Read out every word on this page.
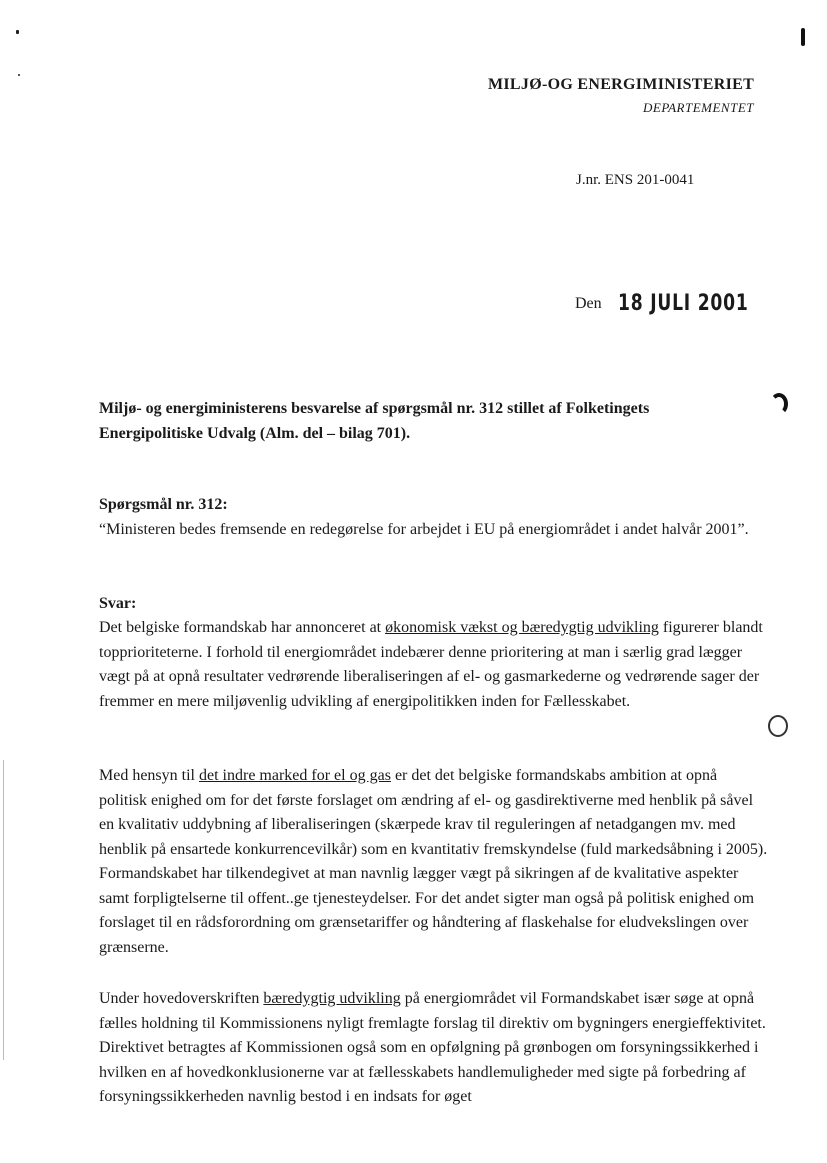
MILJØ-OG ENERGIMINISTERIET
DEPARTEMENTET
J.nr. ENS 201-0041
Den 18 JULI 2001
Miljø- og energiministerens besvarelse af spørgsmål nr. 312 stillet af Folketingets
Energipolitiske Udvalg (Alm. del – bilag 701).
Spørgsmål nr. 312:
“Ministeren bedes fremsende en redegørelse for arbejdet i EU på energiområdet i andet halvår 2001”.
Svar:

Det belgiske formandskab har annonceret at økonomisk vækst og bæredygtig udvikling figurerer blandt topprioriteterne. I forhold til energiområdet indebærer denne prioritering at man i særlig grad lægger vægt på at opnå resultater vedrørende liberaliseringen af el- og gasmarkederne og vedrørende sager der fremmer en mere miljøvenlig udvikling af energipolitikken inden for Fællesskabet.

Med hensyn til det indre marked for el og gas er det det belgiske formandskabs ambition at opnå politisk enighed om for det første forslaget om ændring af el- og gasdirektiverne med henblik på såvel en kvalitativ uddybning af liberaliseringen (skærpede krav til reguleringen af netadgangen mv. med henblik på ensartede konkurrencevilkår) som en kvantitativ fremskyndelse (fuld markedsåbning i 2005). Formandskabet har tilkendegivet at man navnlig lægger vægt på sikringen af de kvalitative aspekter samt forpligtelserne til offent..ge tjenesteydelser. For det andet sigter man også på politisk enighed om forslaget til en rådsforordning om grænsetariffer og håndtering af flaskehalse for eludvekslingen over grænserne.

Under hovedoverskriften bæredygtig udvikling på energiområdet vil Formandskabet især søge at opnå fælles holdning til Kommissionens nyligt fremlagte forslag til direktiv om bygningers energieffektivitet. Direktivet betragtes af Kommissionen også som en opfølgning på grønbogen om forsyningssikkerhed i hvilken en af hovedkonklusionerne var at fællesskabets handlemuligheder med sigte på forbedring af forsyningssikkerheden navnlig bestod i en indsats for øget
